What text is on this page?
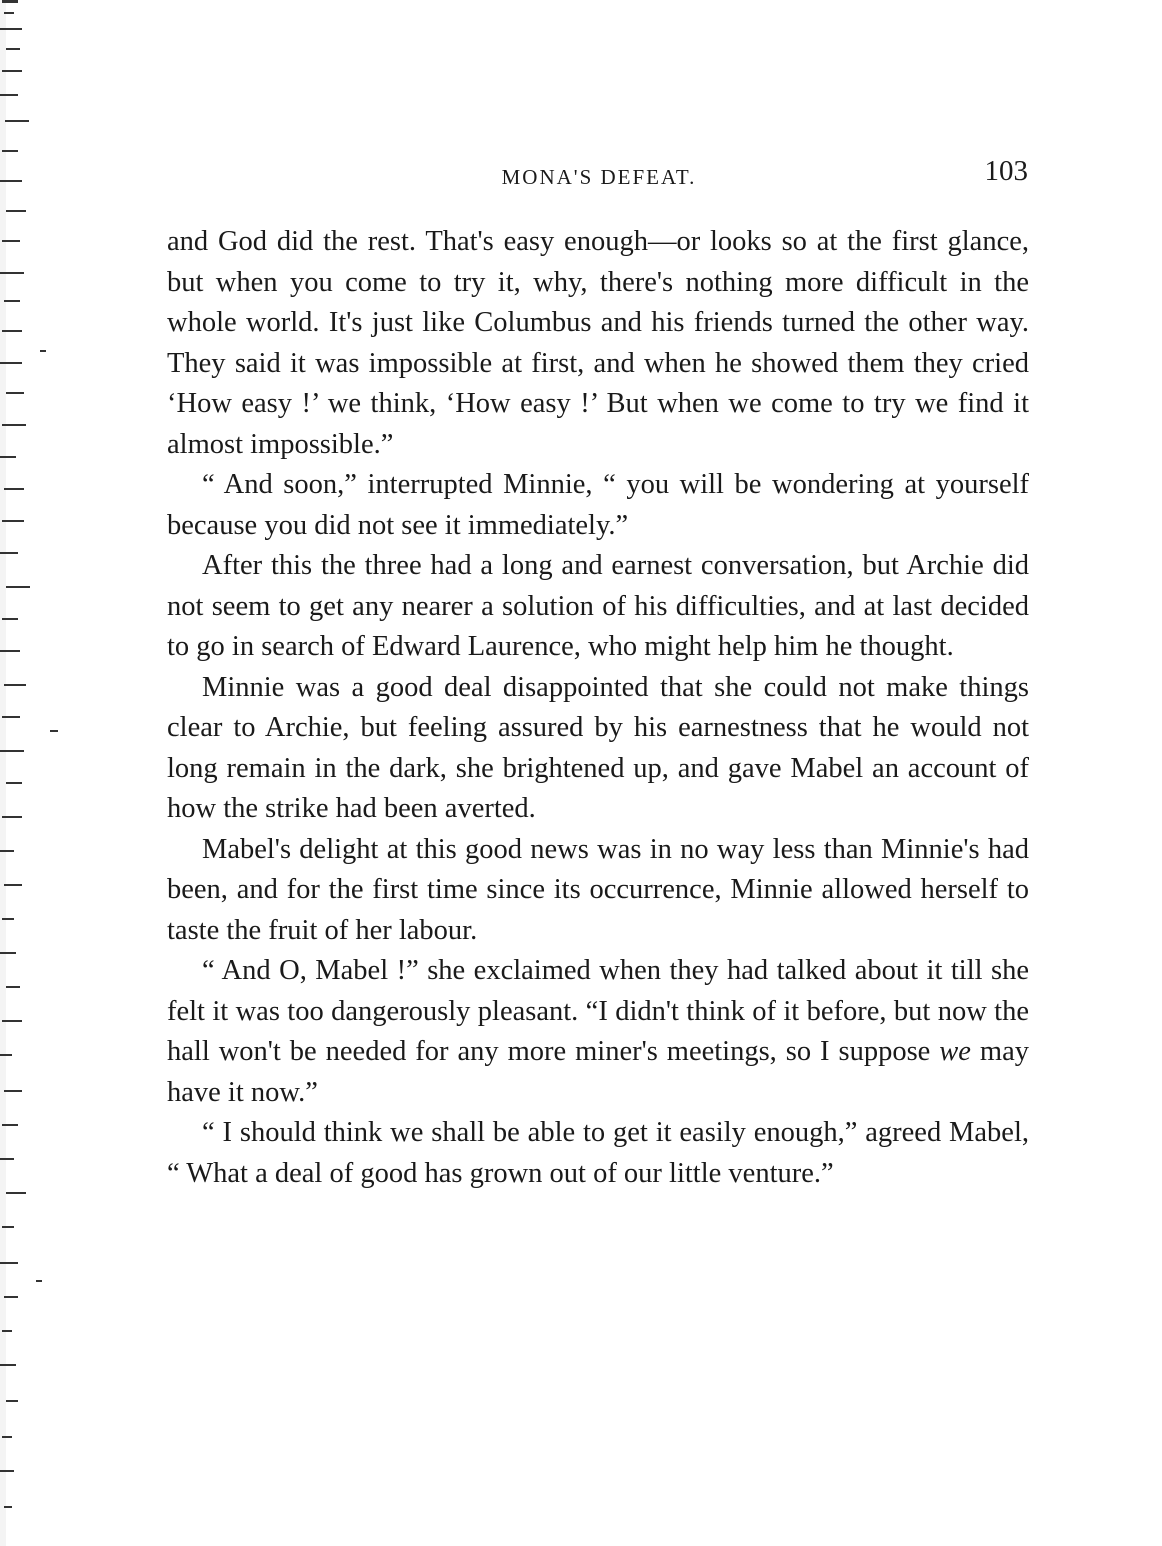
MONA'S DEFEAT.	103

and God did the rest. That's easy enough—or looks so at the first glance, but when you come to try it, why, there's nothing more difficult in the whole world. It's just like Columbus and his friends turned the other way. They said it was impossible at first, and when he showed them they cried ‘How easy !’ we think, ‘How easy !’ But when we come to try we find it almost impossible.”

“ And soon,” interrupted Minnie, “ you will be wondering at yourself because you did not see it immediately.”

After this the three had a long and earnest conversation, but Archie did not seem to get any nearer a solution of his difficulties, and at last decided to go in search of Edward Laurence, who might help him he thought.

Minnie was a good deal disappointed that she could not make things clear to Archie, but feeling assured by his earnestness that he would not long remain in the dark, she brightened up, and gave Mabel an account of how the strike had been averted.

Mabel's delight at this good news was in no way less than Minnie's had been, and for the first time since its occurrence, Minnie allowed herself to taste the fruit of her labour.

“ And O, Mabel !” she exclaimed when they had talked about it till she felt it was too dangerously pleasant. “I didn't think of it before, but now the hall won't be needed for any more miner's meetings, so I suppose we may have it now.”

“ I should think we shall be able to get it easily enough,” agreed Mabel, “ What a deal of good has grown out of our little venture.”
